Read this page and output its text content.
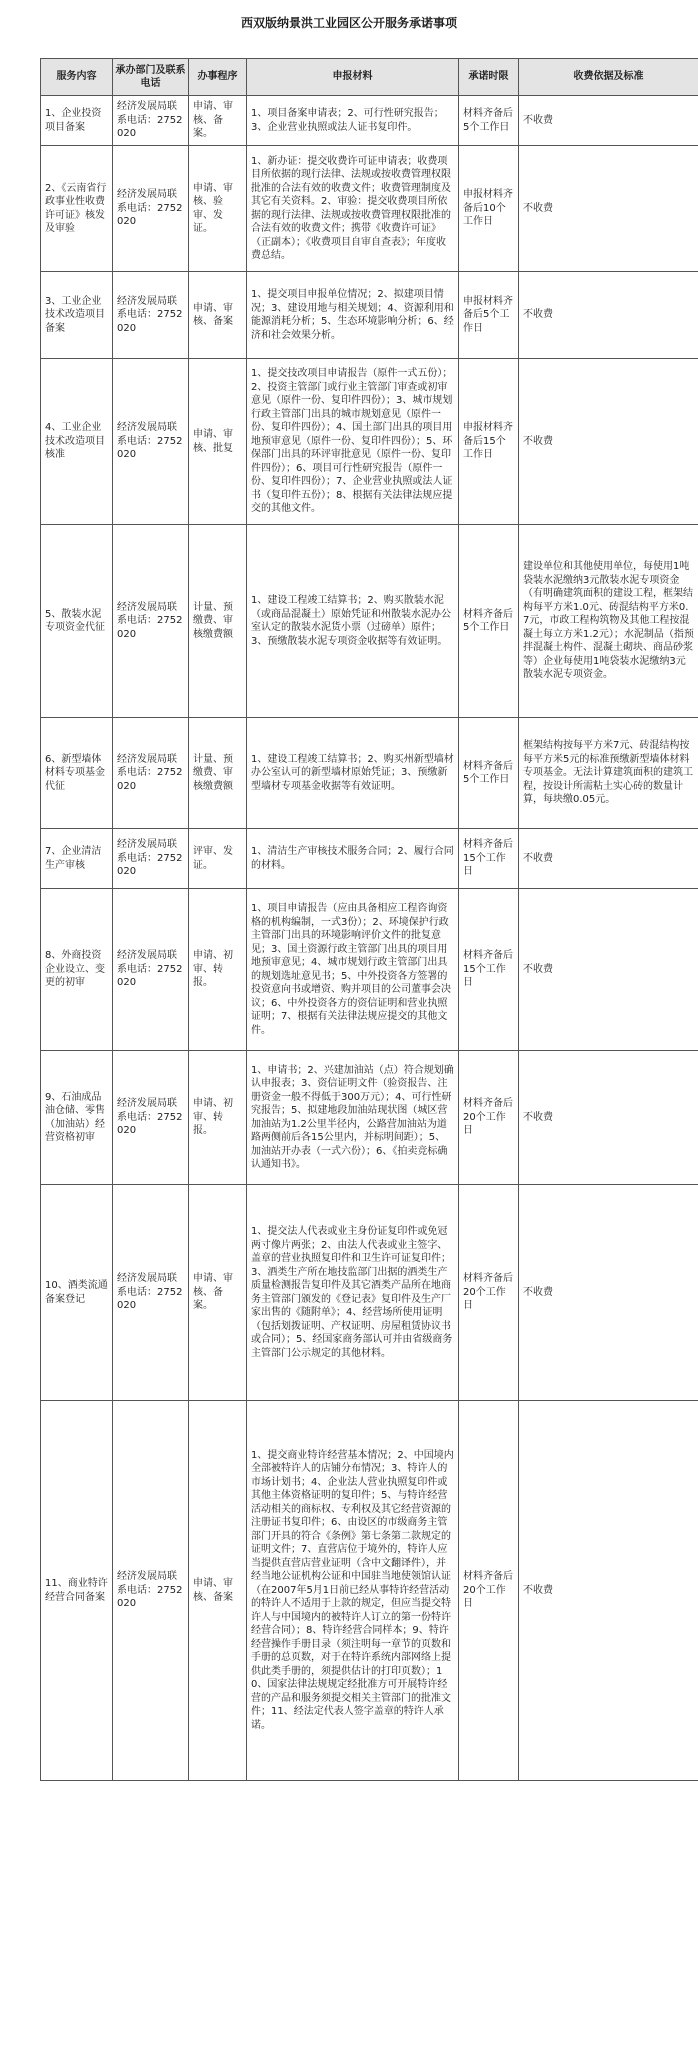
西双版纳景洪工业园区公开服务承诺事项
服务内容	承办部门及联系电话	办事程序	申报材料	承诺时限	收费依据及标准
1、企业投资项目备案	经济发展局联系电话：2752020	申请、审核、备案。	1、项目备案申请表；2、可行性研究报告；3、企业营业执照或法人证书复印件。	材料齐备后5个工作日	不收费
2、《云南省行政事业性收费许可证》核发及审验	经济发展局联系电话：2752020	申请、审核、验审、发证。	1、新办证：提交收费许可证申请表；收费项目所依据的现行法律、法规或按收费管理权限批准的合法有效的收费文件；收费管理制度及其它有关资料。2、审验：提交收费项目所依据的现行法律、法规或按收费管理权限批准的合法有效的收费文件；携带《收费许可证》（正副本）；《收费项目自审自查表》；年度收费总结。	申报材料齐备后10个工作日	不收费
3、工业企业技术改造项目备案	经济发展局联系电话：2752020	申请、审核、备案	1、提交项目申报单位情况；2、拟建项目情况；3、建设用地与相关规划；4、资源利用和能源消耗分析；5、生态环境影响分析；6、经济和社会效果分析。	申报材料齐备后5个工作日	不收费
4、工业企业技术改造项目核准	经济发展局联系电话：2752020	申请、审核、批复	1、提交技改项目申请报告（原件一式五份）；2、投资主管部门或行业主管部门审查或初审意见（原件一份、复印件四份）；3、城市规划行政主管部门出具的城市规划意见（原件一份、复印件四份）；4、国土部门出具的项目用地预审意见（原件一份、复印件四份）；5、环保部门出具的环评审批意见（原件一份、复印件四份）；6、项目可行性研究报告（原件一份、复印件四份）；7、企业营业执照或法人证书（复印件五份）；8、根据有关法律法规应提交的其他文件。	申报材料齐备后15个工作日	不收费
5、散装水泥专项资金代征	经济发展局联系电话：2752020	计量、预缴费、审核缴费额	1、建设工程竣工结算书；2、购买散装水泥（或商品混凝土）原始凭证和州散装水泥办公室认定的散装水泥货小票（过磅单）原件；3、预缴散装水泥专项资金收据等有效证明。	材料齐备后5个工作日	建设单位和其他使用单位，每使用1吨袋装水泥缴纳3元散装水泥专项资金（有明确建筑面积的建设工程，框架结构每平方米1.0元、砖混结构平方米0.7元，市政工程构筑物及其他工程按混凝土每立方米1.2元）；水泥制品（指预拌混凝土构件、混凝土砌块、商品砂浆等）企业每使用1吨袋装水泥缴纳3元散装水泥专项资金。
6、新型墙体材料专项基金代征	经济发展局联系电话：2752020	计量、预缴费、审核缴费额	1、建设工程竣工结算书；2、购买州新型墙材办公室认可的新型墙材原始凭证；3、预缴新型墙材专项基金收据等有效证明。	材料齐备后5个工作日	框架结构按每平方米7元、砖混结构按每平方米5元的标准预缴新型墙体材料专项基金。无法计算建筑面积的建筑工程，按设计所需粘土实心砖的数量计算，每块缴0.05元。
7、企业清洁生产审核	经济发展局联系电话：2752020	评审、发证。	1、清洁生产审核技术服务合同；2、履行合同的材料。	材料齐备后15个工作日	不收费
8、外商投资企业设立、变更的初审	经济发展局联系电话：2752020	申请、初审、转报。	1、项目申请报告（应由具备相应工程咨询资格的机构编制，一式3份）；2、环境保护行政主管部门出具的环境影响评价文件的批复意见；3、国土资源行政主管部门出具的项目用地预审意见；4、城市规划行政主管部门出具的规划选址意见书；5、中外投资各方签署的投资意向书或增资、购并项目的公司董事会决议；6、中外投资各方的资信证明和营业执照证明；7、根据有关法律法规应提交的其他文件。	材料齐备后15个工作日	不收费
9、石油成品油仓储、零售（加油站）经营资格初审	经济发展局联系电话：2752020	申请、初审、转报。	1、申请书；2、兴建加油站（点）符合规划确认申报表；3、资信证明文件（验资报告、注册资金一般不得低于300万元）；4、可行性研究报告；5、拟建地段加油站现状图（城区营加油站为1.2公里半径内，公路营加油站为道路两侧前后各15公里内，并标明间距）；5、加油站开办表（一式六份）；6、《拍卖竞标确认通知书》。	材料齐备后20个工作日	不收费
10、酒类流通备案登记	经济发展局联系电话：2752020	申请、审核、备案。	1、提交法人代表或业主身份证复印件或免冠两寸像片两张；2、由法人代表或业主签字、盖章的营业执照复印件和卫生许可证复印件；3、酒类生产所在地技监部门出据的酒类生产质量检测报告复印件及其它酒类产品所在地商务主管部门颁发的《登记表》复印件及生产厂家出售的《随附单》；4、经营场所使用证明（包括划拨证明、产权证明、房屋租赁协议书或合同）；5、经国家商务部认可并由省级商务主管部门公示规定的其他材料。	材料齐备后20个工作日	不收费
11、商业特许经营合同备案	经济发展局联系电话：2752020	申请、审核、备案	1、提交商业特许经营基本情况；2、中国境内全部被特许人的店铺分布情况；3、特许人的市场计划书；4、企业法人营业执照复印件或其他主体资格证明的复印件；5、与特许经营活动相关的商标权、专利权及其它经营资源的注册证书复印件；6、由设区的市级商务主管部门开具的符合《条例》第七条第二款规定的证明文件；7、直营店位于境外的，特许人应当提供直营店营业证明（含中文翻译件），并经当地公证机构公证和中国驻当地使领馆认证（在2007年5月1日前已经从事特许经营活动的特许人不适用于上款的规定，但应当提交特许人与中国境内的被特许人订立的第一份特许经营合同）；8、特许经营合同样本；9、特许经营操作手册目录（须注明每一章节的页数和手册的总页数，对于在特许系统内部网络上提供此类手册的，须提供估计的打印页数）；10、国家法律法规规定经批准方可开展特许经营的产品和服务须提交相关主管部门的批准文件；11、经法定代表人签字盖章的特许人承诺。	材料齐备后20个工作日	不收费
